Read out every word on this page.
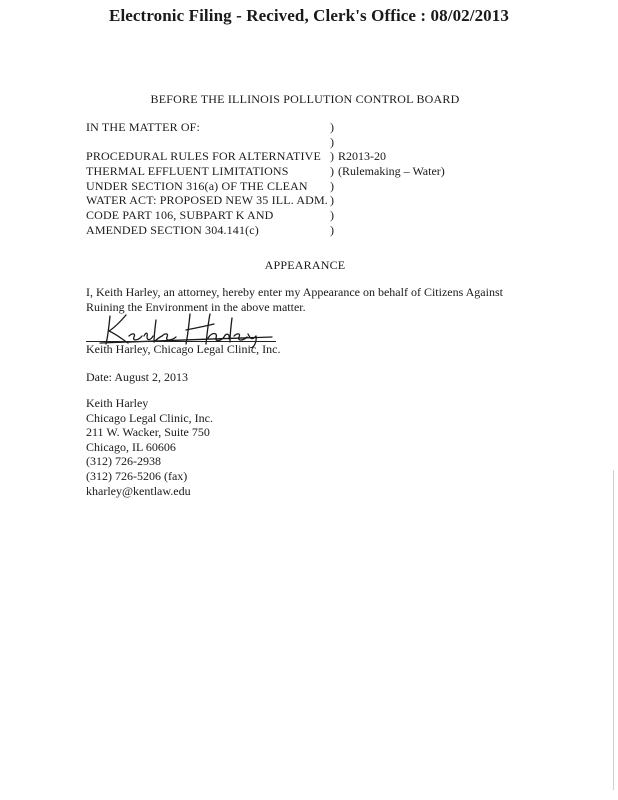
Electronic Filing - Recived, Clerk's Office : 08/02/2013
BEFORE THE ILLINOIS POLLUTION CONTROL BOARD
IN THE MATTER OF:	)
)
PROCEDURAL RULES FOR ALTERNATIVE ) R2013-20
THERMAL EFFLUENT LIMITATIONS	) (Rulemaking – Water)
UNDER SECTION 316(a) OF THE CLEAN	)
WATER ACT: PROPOSED NEW 35 ILL. ADM. )
CODE PART 106, SUBPART K AND	)
AMENDED SECTION 304.141(c)	)
APPEARANCE
I, Keith Harley, an attorney, hereby enter my Appearance on behalf of Citizens Against
Ruining the Environment in the above matter.
Keith Harley, Chicago Legal Clinic, Inc.
Date: August 2, 2013
Keith Harley
Chicago Legal Clinic, Inc.
211 W. Wacker, Suite 750
Chicago, IL 60606
(312) 726-2938
(312) 726-5206 (fax)
kharley@kentlaw.edu
